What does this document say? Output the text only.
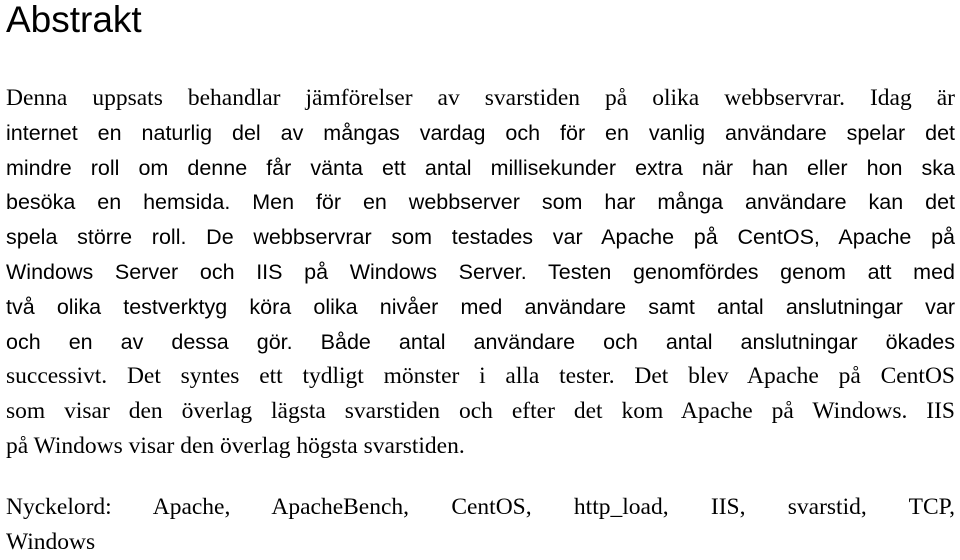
Abstrakt
Denna uppsats behandlar jämförelser av svarstiden på olika webbservrar. Idag är
internet en naturlig del av mångas vardag och för en vanlig användare spelar det
mindre roll om denne får vänta ett antal millisekunder extra när han eller hon ska
besöka en hemsida. Men för en webbserver som har många användare kan det
spela större roll. De webbservrar som testades var Apache på CentOS, Apache på
Windows Server och IIS på Windows Server. Testen genomfördes genom att med
två olika testverktyg köra olika nivåer med användare samt antal anslutningar var
och en av dessa gör. Både antal användare och antal anslutningar ökades
successivt. Det syntes ett tydligt mönster i alla tester. Det blev Apache på CentOS
som visar den överlag lägsta svarstiden och efter det kom Apache på Windows. IIS
på Windows visar den överlag högsta svarstiden.
Nyckelord: Apache, ApacheBench, CentOS, http_load, IIS, svarstid, TCP,
Windows
